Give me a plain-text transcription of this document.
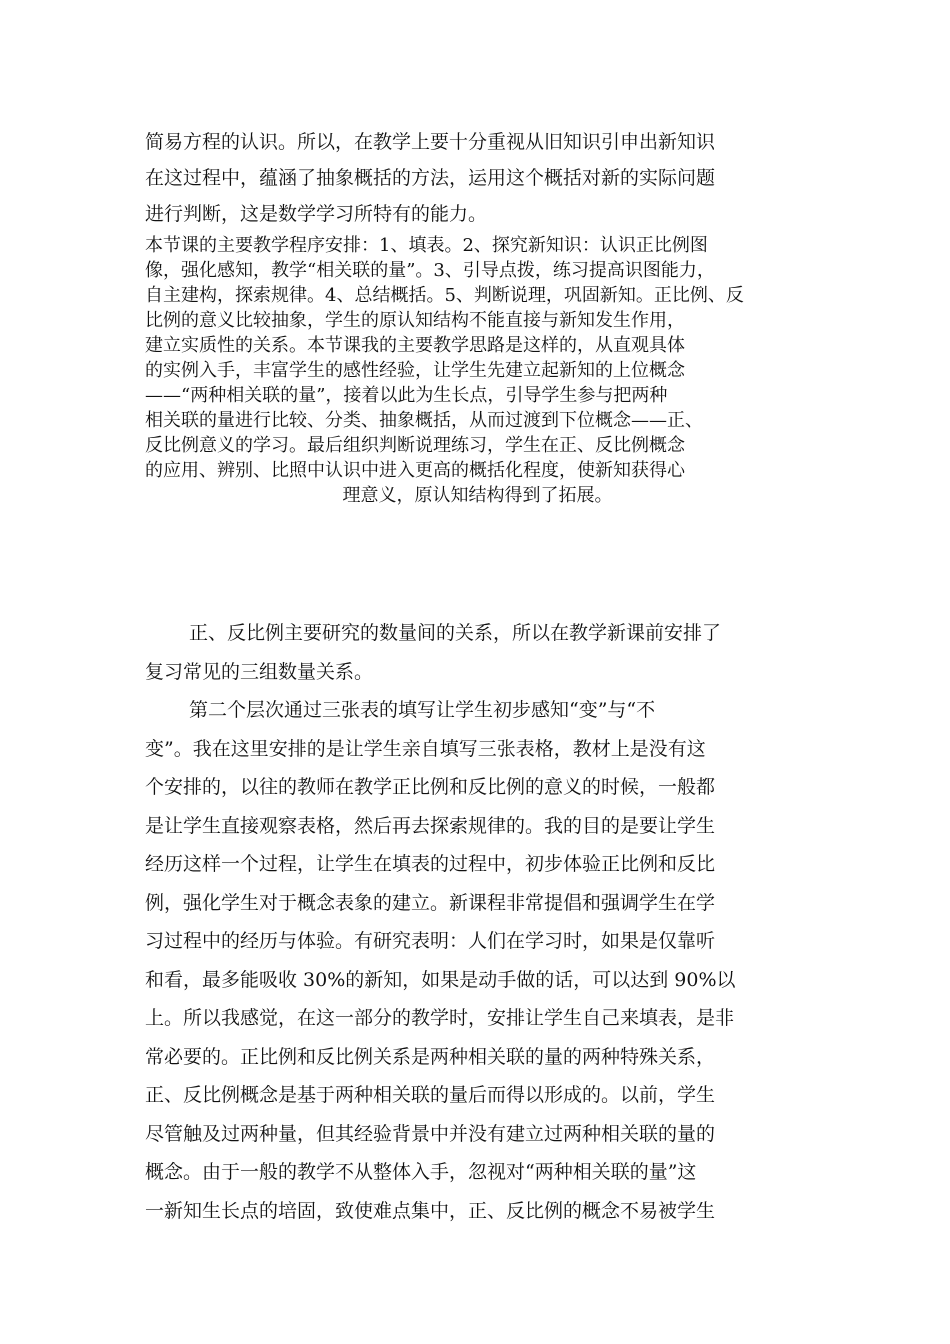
简易方程的认识。所以，在教学上要十分重视从旧知识引申出新知识
在这过程中，蕴涵了抽象概括的方法，运用这个概括对新的实际问题
进行判断，这是数学学习所特有的能力。
本节课的主要教学程序安排：1、填表。2、探究新知识：认识正比例图
像，强化感知，教学“相关联的量”。3、引导点拨，练习提高识图能力，
自主建构，探索规律。4、总结概括。5、判断说理，巩固新知。正比例、反
比例的意义比较抽象，学生的原认知结构不能直接与新知发生作用，
建立实质性的关系。本节课我的主要教学思路是这样的，从直观具体
的实例入手，丰富学生的感性经验，让学生先建立起新知的上位概念
——“两种相关联的量”，接着以此为生长点，引导学生参与把两种
相关联的量进行比较、分类、抽象概括，从而过渡到下位概念——正、
反比例意义的学习。最后组织判断说理练习，学生在正、反比例概念
的应用、辨别、比照中认识中进入更高的概括化程度，使新知获得心
理意义，原认知结构得到了拓展。
正、反比例主要研究的数量间的关系，所以在教学新课前安排了
复习常见的三组数量关系。
第二个层次通过三张表的填写让学生初步感知“变”与“不
变”。我在这里安排的是让学生亲自填写三张表格，教材上是没有这
个安排的，以往的教师在教学正比例和反比例的意义的时候，一般都
是让学生直接观察表格，然后再去探索规律的。我的目的是要让学生
经历这样一个过程，让学生在填表的过程中，初步体验正比例和反比
例，强化学生对于概念表象的建立。新课程非常提倡和强调学生在学
习过程中的经历与体验。有研究表明：人们在学习时，如果是仅靠听
和看，最多能吸收 30%的新知，如果是动手做的话，可以达到 90%以
上。所以我感觉，在这一部分的教学时，安排让学生自己来填表，是非
常必要的。正比例和反比例关系是两种相关联的量的两种特殊关系，
正、反比例概念是基于两种相关联的量后而得以形成的。以前，学生
尽管触及过两种量，但其经验背景中并没有建立过两种相关联的量的
概念。由于一般的教学不从整体入手，忽视对“两种相关联的量”这
一新知生长点的培固，致使难点集中，正、反比例的概念不易被学生
